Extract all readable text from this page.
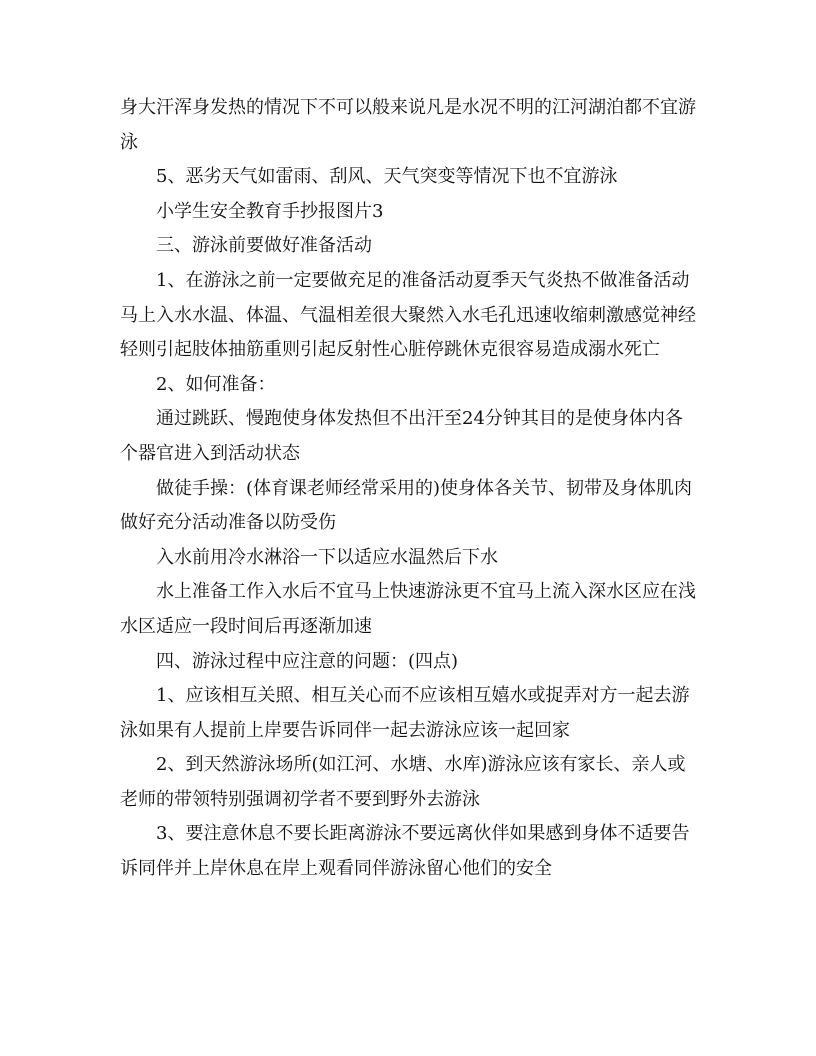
身大汗浑身发热的情况下不可以般来说凡是水况不明的江河湖泊都不宜游泳

5、恶劣天气如雷雨、刮风、天气突变等情况下也不宜游泳

小学生安全教育手抄报图片3

三、游泳前要做好准备活动

1、在游泳之前一定要做充足的准备活动夏季天气炎热不做准备活动马上入水水温、体温、气温相差很大聚然入水毛孔迅速收缩刺激感觉神经轻则引起肢体抽筋重则引起反射性心脏停跳休克很容易造成溺水死亡

2、如何准备：

通过跳跃、慢跑使身体发热但不出汗至24分钟其目的是使身体内各个器官进入到活动状态

做徒手操：(体育课老师经常采用的)使身体各关节、韧带及身体肌肉做好充分活动准备以防受伤

入水前用冷水淋浴一下以适应水温然后下水

水上准备工作入水后不宜马上快速游泳更不宜马上流入深水区应在浅水区适应一段时间后再逐渐加速

四、游泳过程中应注意的问题：(四点)

1、应该相互关照、相互关心而不应该相互嬉水或捉弄对方一起去游泳如果有人提前上岸要告诉同伴一起去游泳应该一起回家

2、到天然游泳场所(如江河、水塘、水库)游泳应该有家长、亲人或老师的带领特别强调初学者不要到野外去游泳

3、要注意休息不要长距离游泳不要远离伙伴如果感到身体不适要告诉同伴并上岸休息在岸上观看同伴游泳留心他们的安全
